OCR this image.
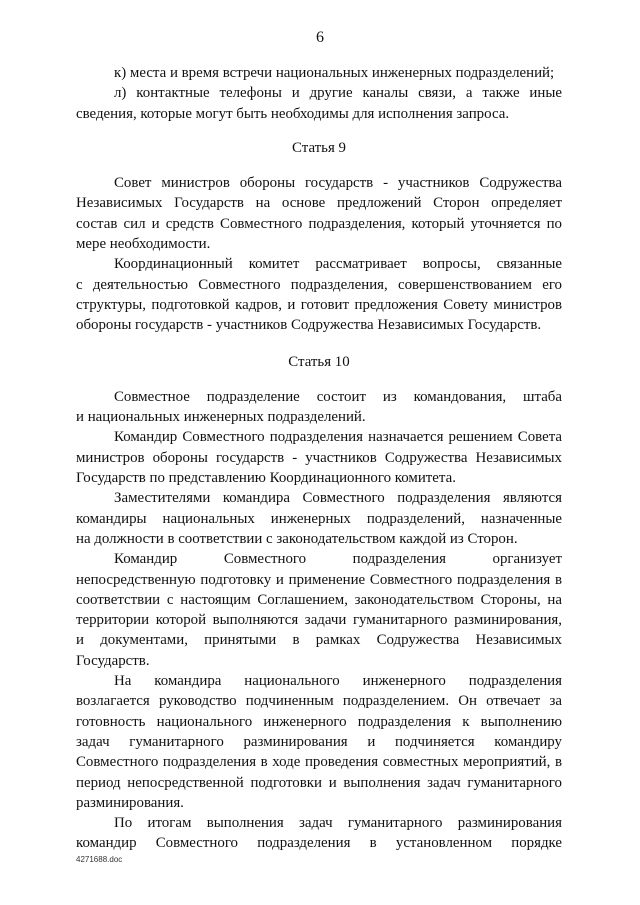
6

к) места и время встречи национальных инженерных подразделений;

л) контактные телефоны и другие каналы связи, а также иные
сведения, которые могут быть необходимы для исполнения запроса.

Статья 9

Совет министров обороны государств - участников Содружества
Независимых Государств на основе предложений Сторон определяет
состав сил и средств Совместного подразделения, который уточняется по
мере необходимости.

Координационный комитет рассматривает вопросы, связанные
с деятельностью Совместного подразделения, совершенствованием его
структуры, подготовкой кадров, и готовит предложения Совету министров
обороны государств - участников Содружества Независимых Государств.

Статья 10

Совместное подразделение состоит из командования, штаба
и национальных инженерных подразделений.

Командир Совместного подразделения назначается решением Совета
министров обороны государств - участников Содружества Независимых
Государств по представлению Координационного комитета.

Заместителями командира Совместного подразделения являются
командиры национальных инженерных подразделений, назначенные
на должности в соответствии с законодательством каждой из Сторон.

Командир Совместного подразделения организует
непосредственную подготовку и применение Совместного подразделения в
соответствии с настоящим Соглашением, законодательством Стороны, на
территории которой выполняются задачи гуманитарного разминирования,
и документами, принятыми в рамках Содружества Независимых
Государств.

На командира национального инженерного подразделения
возлагается руководство подчиненным подразделением. Он отвечает за
готовность национального инженерного подразделения к выполнению
задач гуманитарного разминирования и подчиняется командиру
Совместного подразделения в ходе проведения совместных мероприятий, в
период непосредственной подготовки и выполнения задач гуманитарного
разминирования.

По итогам выполнения задач гуманитарного разминирования
командир Совместного подразделения в установленном порядке

4271688.doc
